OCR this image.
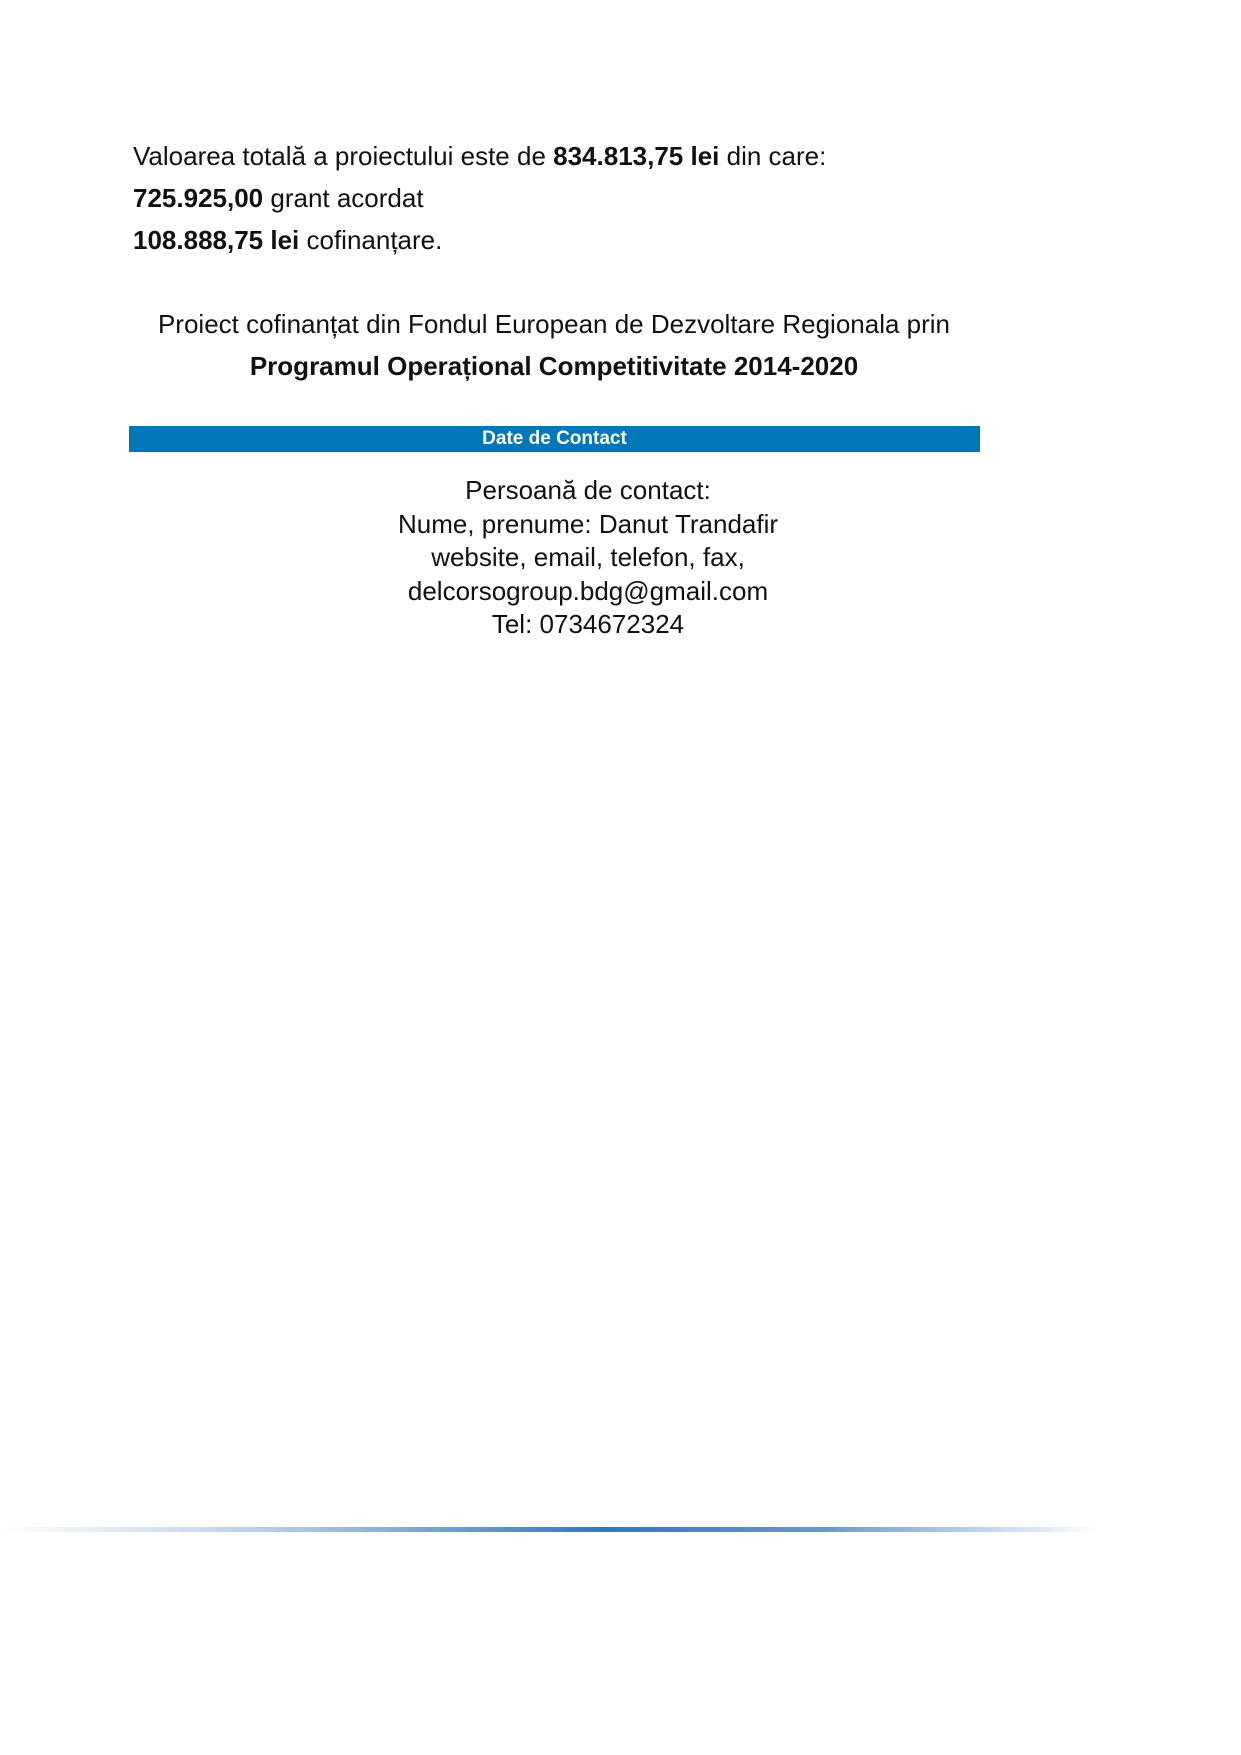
Valoarea totală a proiectului este de 834.813,75 lei din care:
725.925,00 grant acordat
108.888,75 lei cofinanțare.
Proiect cofinanțat din Fondul European de Dezvoltare Regionala prin
Programul Operațional Competitivitate 2014-2020
Date de Contact
Persoană de contact:
Nume, prenume: Danut Trandafir
website, email, telefon, fax,
delcorsogroup.bdg@gmail.com
Tel: 0734672324
